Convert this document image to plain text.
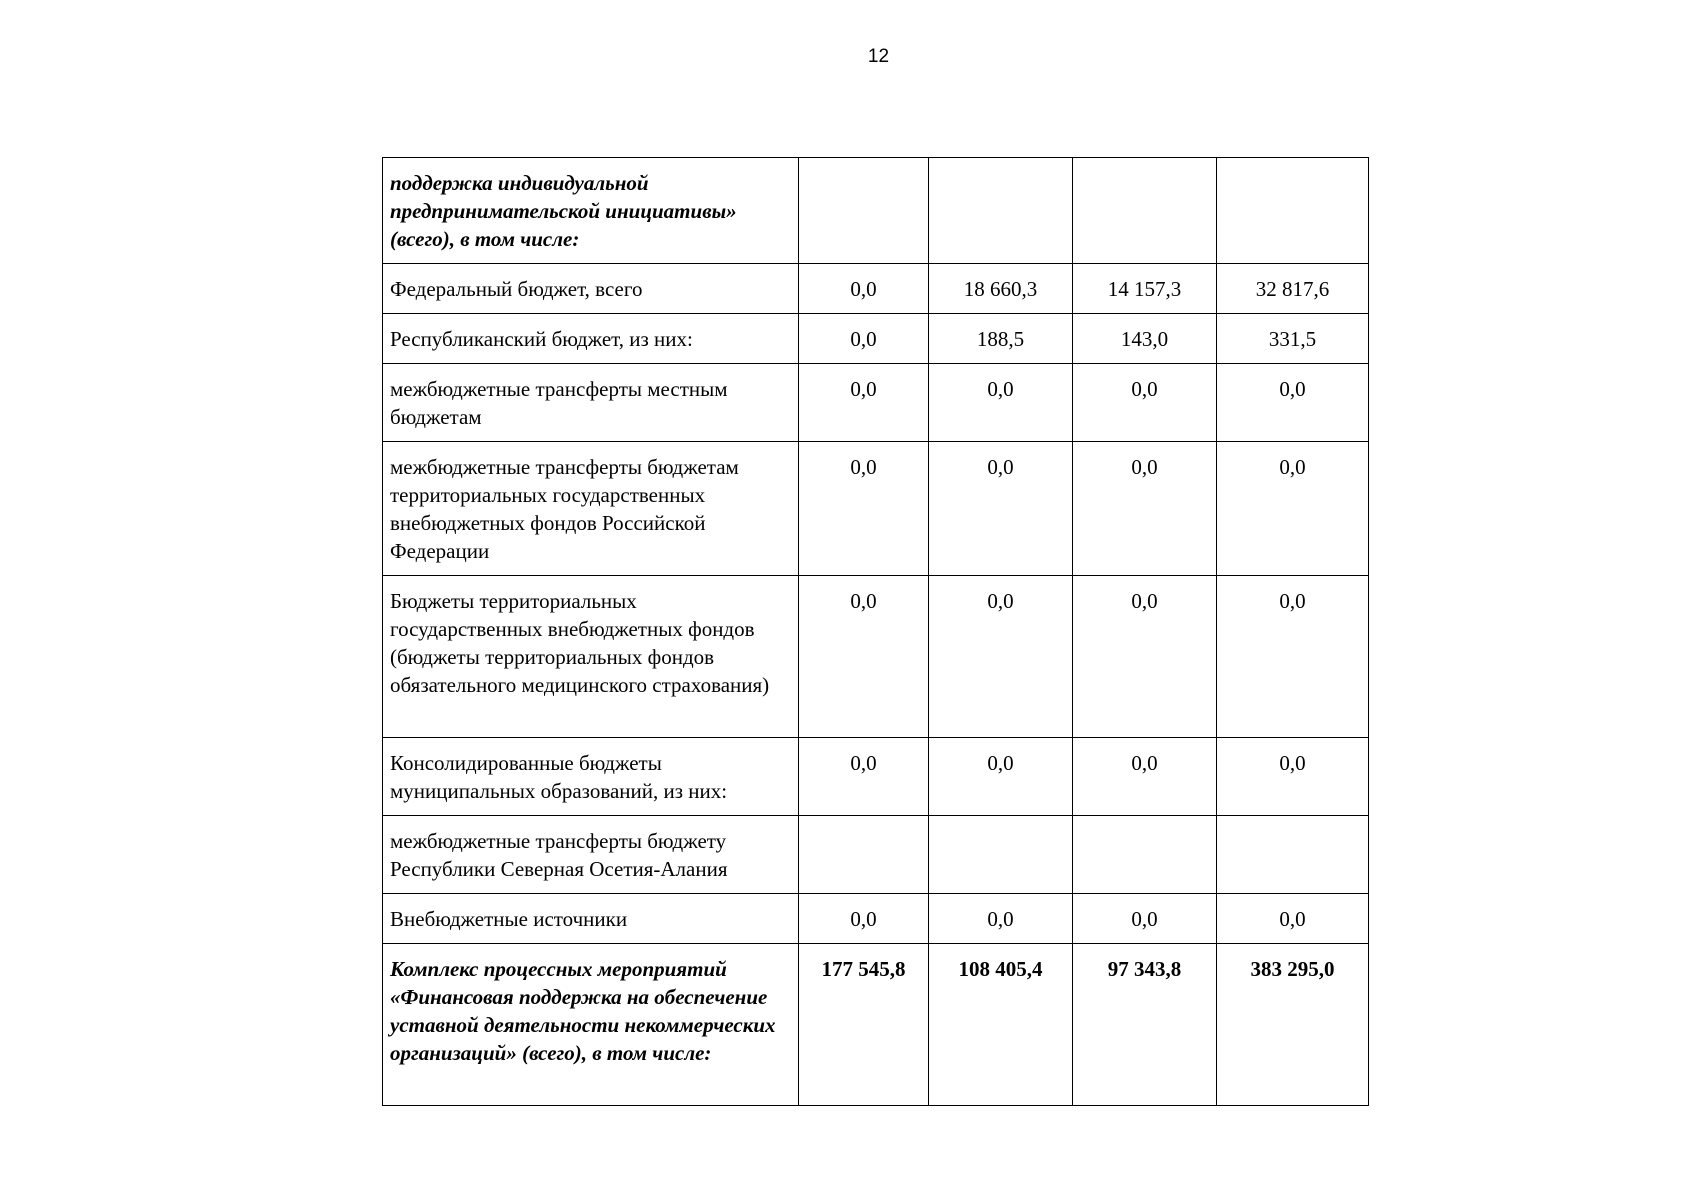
12
поддержка индивидуальной предпринимательской инициативы» (всего), в том числе:				
Федеральный бюджет, всего	0,0	18 660,3	14 157,3	32 817,6
Республиканский бюджет, из них:	0,0	188,5	143,0	331,5
межбюджетные трансферты местным бюджетам	0,0	0,0	0,0	0,0
межбюджетные трансферты бюджетам территориальных государственных внебюджетных фондов Российской Федерации	0,0	0,0	0,0	0,0
Бюджеты территориальных государственных внебюджетных фондов (бюджеты территориальных фондов обязательного медицинского страхования)	0,0	0,0	0,0	0,0
Консолидированные бюджеты муниципальных образований, из них:	0,0	0,0	0,0	0,0
межбюджетные трансферты бюджету Республики Северная Осетия-Алания				
Внебюджетные источники	0,0	0,0	0,0	0,0
Комплекс процессных мероприятий «Финансовая поддержка на обеспечение уставной деятельности некоммерческих организаций» (всего), в том числе:	177 545,8	108 405,4	97 343,8	383 295,0
